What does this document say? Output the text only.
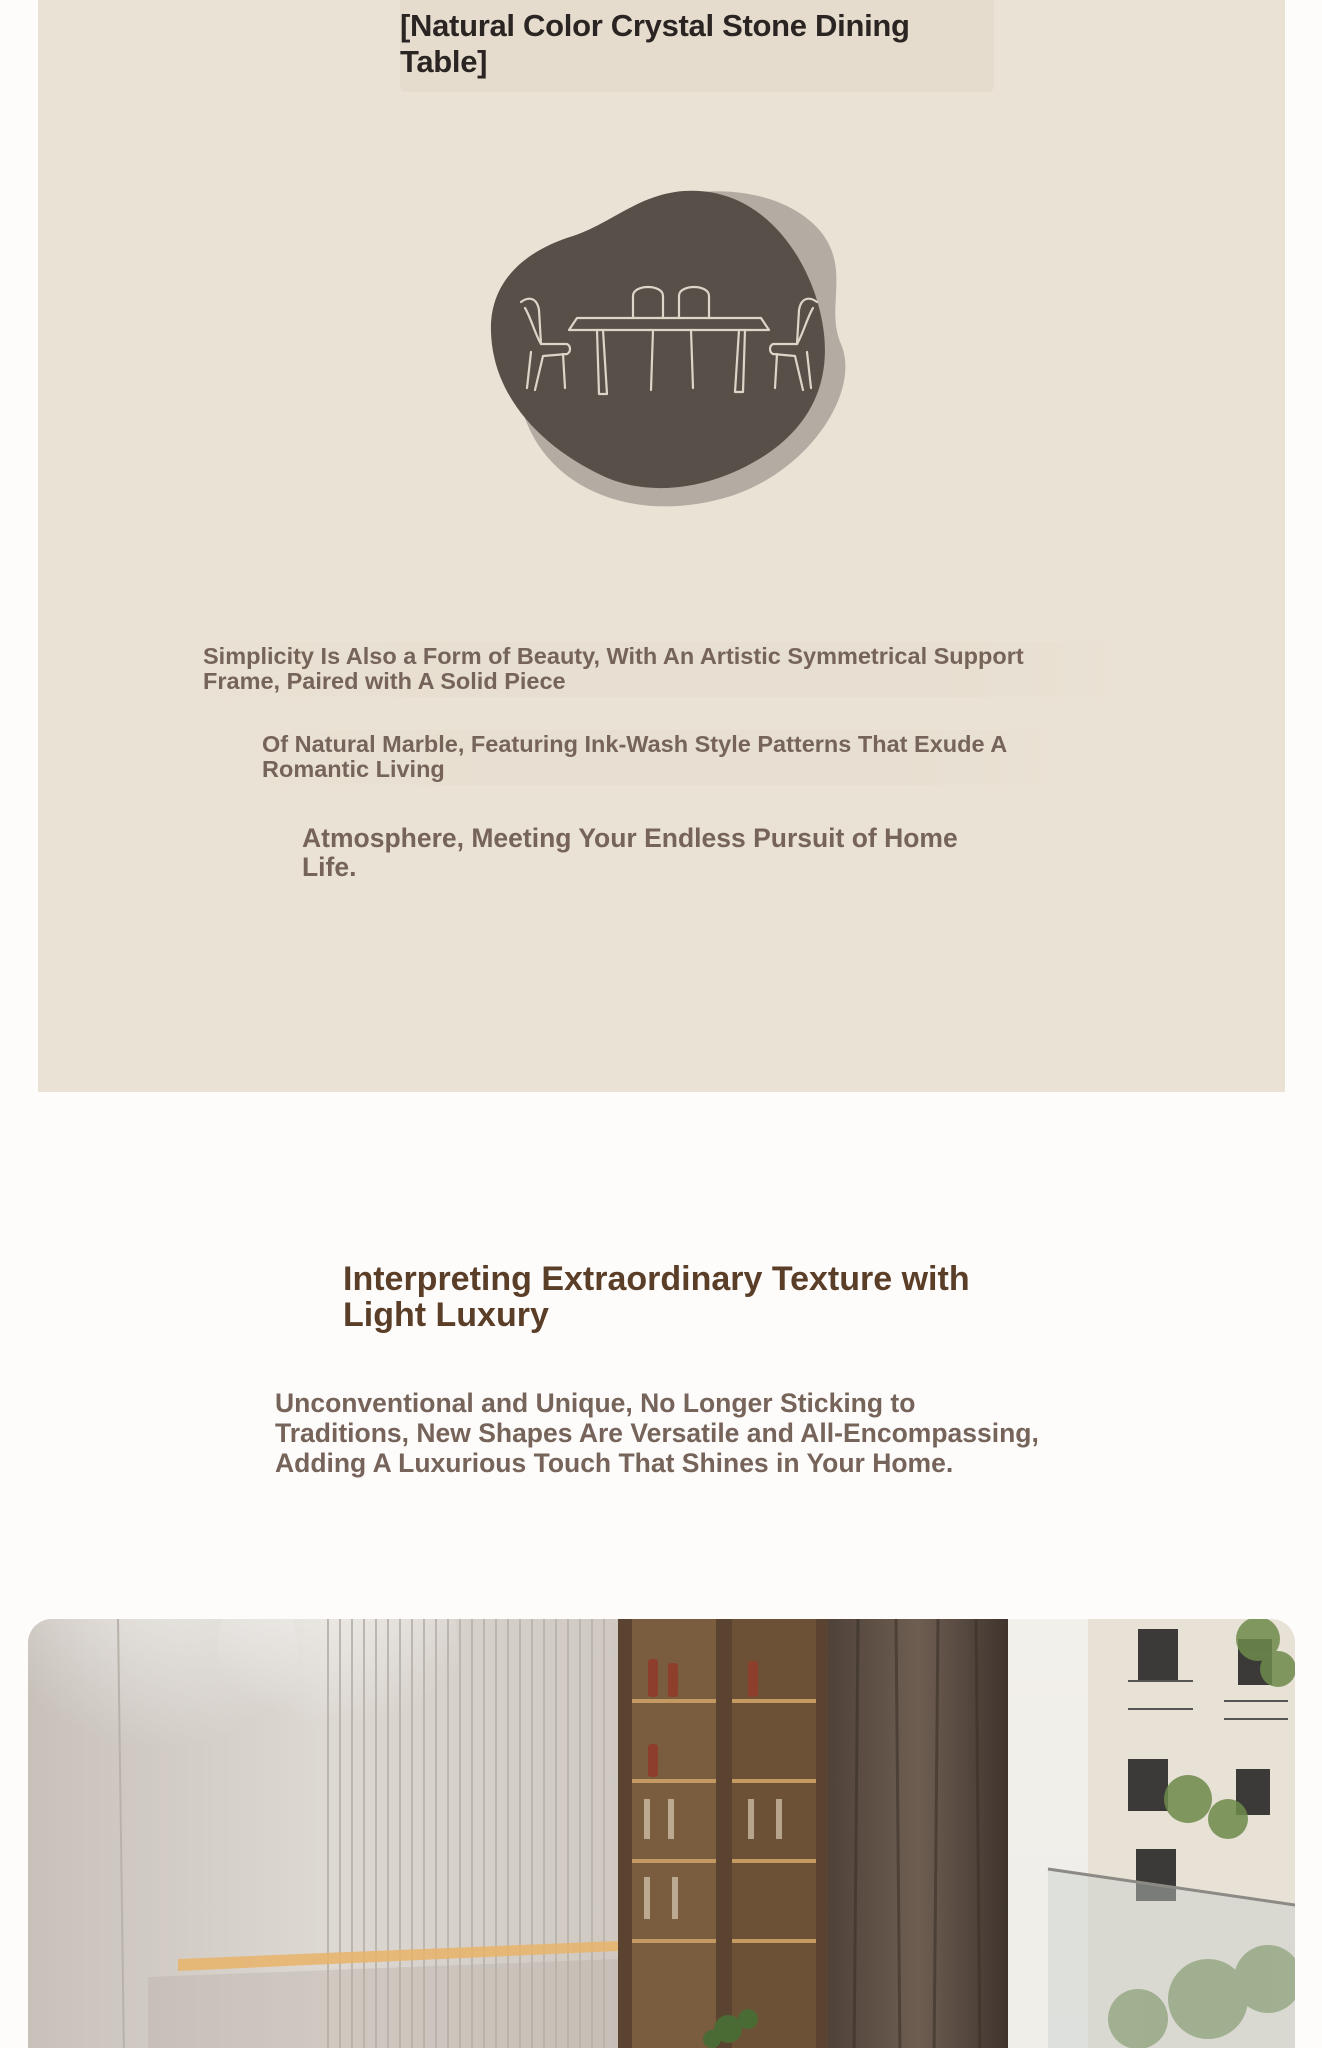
[Natural Color Crystal Stone Dining Table]

Simplicity Is Also a Form of Beauty, With An Artistic Symmetrical Support Frame, Paired with A Solid Piece

Of Natural Marble, Featuring Ink-Wash Style Patterns That Exude A Romantic Living

Atmosphere, Meeting Your Endless Pursuit of Home Life.

Interpreting Extraordinary Texture with Light Luxury

Unconventional and Unique, No Longer Sticking to Traditions, New Shapes Are Versatile and All-Encompassing, Adding A Luxurious Touch That Shines in Your Home.
